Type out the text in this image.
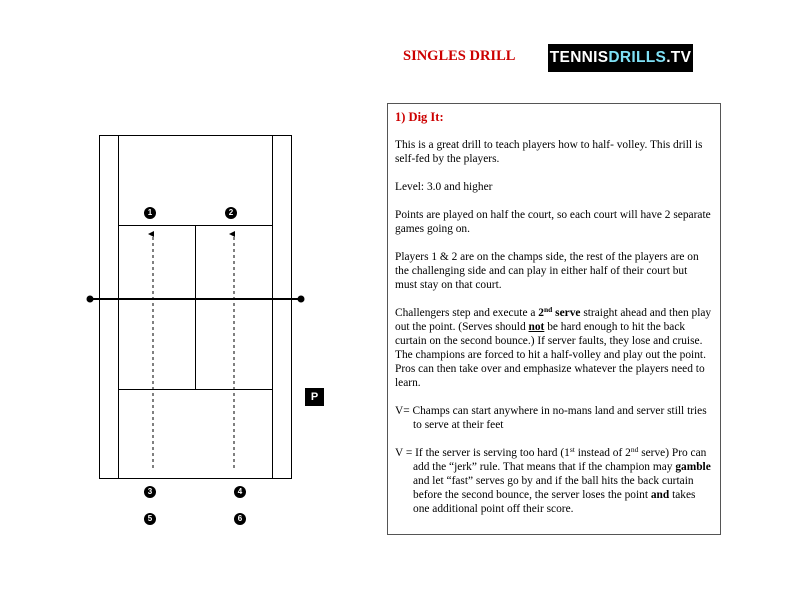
SINGLES DRILL TENNIS DRILLS .TV
1	2
3	4
5	6
P
1) Dig It:

This is a great drill to teach players how to half- volley. This drill is self-fed by the players.

Level: 3.0 and higher

Points are played on half the court, so each court will have 2 separate games going on.

Players 1 & 2 are on the champs side, the rest of the players are on the challenging side and can play in either half of their court but must stay on that court.

Challengers step and execute a 2nd serve straight ahead and then play out the point. (Serves should not be hard enough to hit the back curtain on the second bounce.) If server faults, they lose and cruise. The champions are forced to hit a half-volley and play out the point. Pros can then take over and emphasize whatever the players need to learn.

V= Champs can start anywhere in no-mans land and server still tries to serve at their feet

V = If the server is serving too hard (1st instead of 2nd serve) Pro can add the “jerk” rule. That means that if the champion may gamble and let “fast” serves go by and if the ball hits the back curtain before the second bounce, the server loses the point and takes one additional point off their score.
